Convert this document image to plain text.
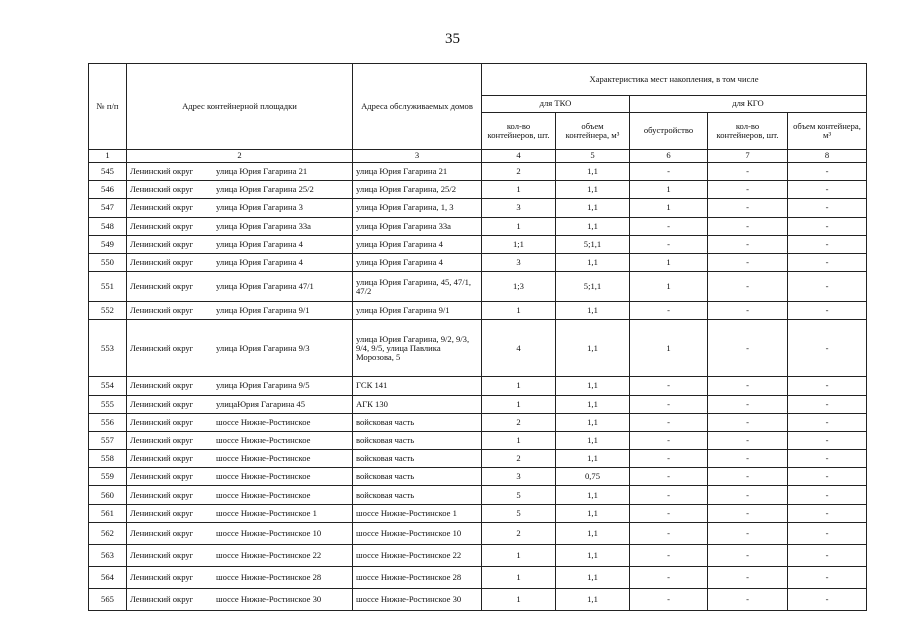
35
№ п/п	Адрес контейнерной площадки	Адреса обслуживаемых домов	Характеристика мест накопления, в том числе				
			для ТКО		для КГО		
			кол-во контейнеров, шт.	объем контейнера, м³	обустройство	кол-во контейнеров, шт.	объем контейнера, м³
1	2	3	4	5	6	7	8
545	Ленинский округ улица Юрия Гагарина 21	улица Юрия Гагарина 21	2	1,1	-	-	-
546	Ленинский округ улица Юрия Гагарина 25/2	улица Юрия Гагарина, 25/2	1	1,1	1	-	-
547	Ленинский округ улица Юрия Гагарина 3	улица Юрия Гагарина, 1, 3	3	1,1	1	-	-
548	Ленинский округ улица Юрия Гагарина 33а	улица Юрия Гагарина 33а	1	1,1	-	-	-
549	Ленинский округ улица Юрия Гагарина 4	улица Юрия Гагарина 4	1;1	5;1,1	-	-	-
550	Ленинский округ улица Юрия Гагарина 4	улица Юрия Гагарина 4	3	1,1	1	-	-
551	Ленинский округ улица Юрия Гагарина 47/1	улица Юрия Гагарина, 45, 47/1, 47/2	1;3	5;1,1	1	-	-
552	Ленинский округ улица Юрия Гагарина 9/1	улица Юрия Гагарина 9/1	1	1,1	-	-	-
553	Ленинский округ улица Юрия Гагарина 9/3	улица Юрия Гагарина, 9/2, 9/3, 9/4, 9/5, улица Павлика Морозова, 5	4	1,1	1	-	-
554	Ленинский округ улица Юрия Гагарина 9/5	ГСК 141	1	1,1	-	-	-
555	Ленинский округ улицаЮрия Гагарина 45	АГК 130	1	1,1	-	-	-
556	Ленинский округ шоссе Нижне-Ростинское	войсковая часть	2	1,1	-	-	-
557	Ленинский округ шоссе Нижне-Ростинское	войсковая часть	1	1,1	-	-	-
558	Ленинский округ шоссе Нижне-Ростинское	войсковая часть	2	1,1	-	-	-
559	Ленинский округ шоссе Нижне-Ростинское	войсковая часть	3	0,75	-	-	-
560	Ленинский округ шоссе Нижне-Ростинское	войсковая часть	5	1,1	-	-	-
561	Ленинский округ шоссе Нижне-Ростинское 1	шоссе Нижне-Ростинское 1	5	1,1	-	-	-
562	Ленинский округ шоссе Нижне-Ростинское 10	шоссе Нижне-Ростинское 10	2	1,1	-	-	-
563	Ленинский округ шоссе Нижне-Ростинское 22	шоссе Нижне-Ростинское 22	1	1,1	-	-	-
564	Ленинский округ шоссе Нижне-Ростинское 28	шоссе Нижне-Ростинское 28	1	1,1	-	-	-
565	Ленинский округ шоссе Нижне-Ростинское 30	шоссе Нижне-Ростинское 30	1	1,1	-	-	-
